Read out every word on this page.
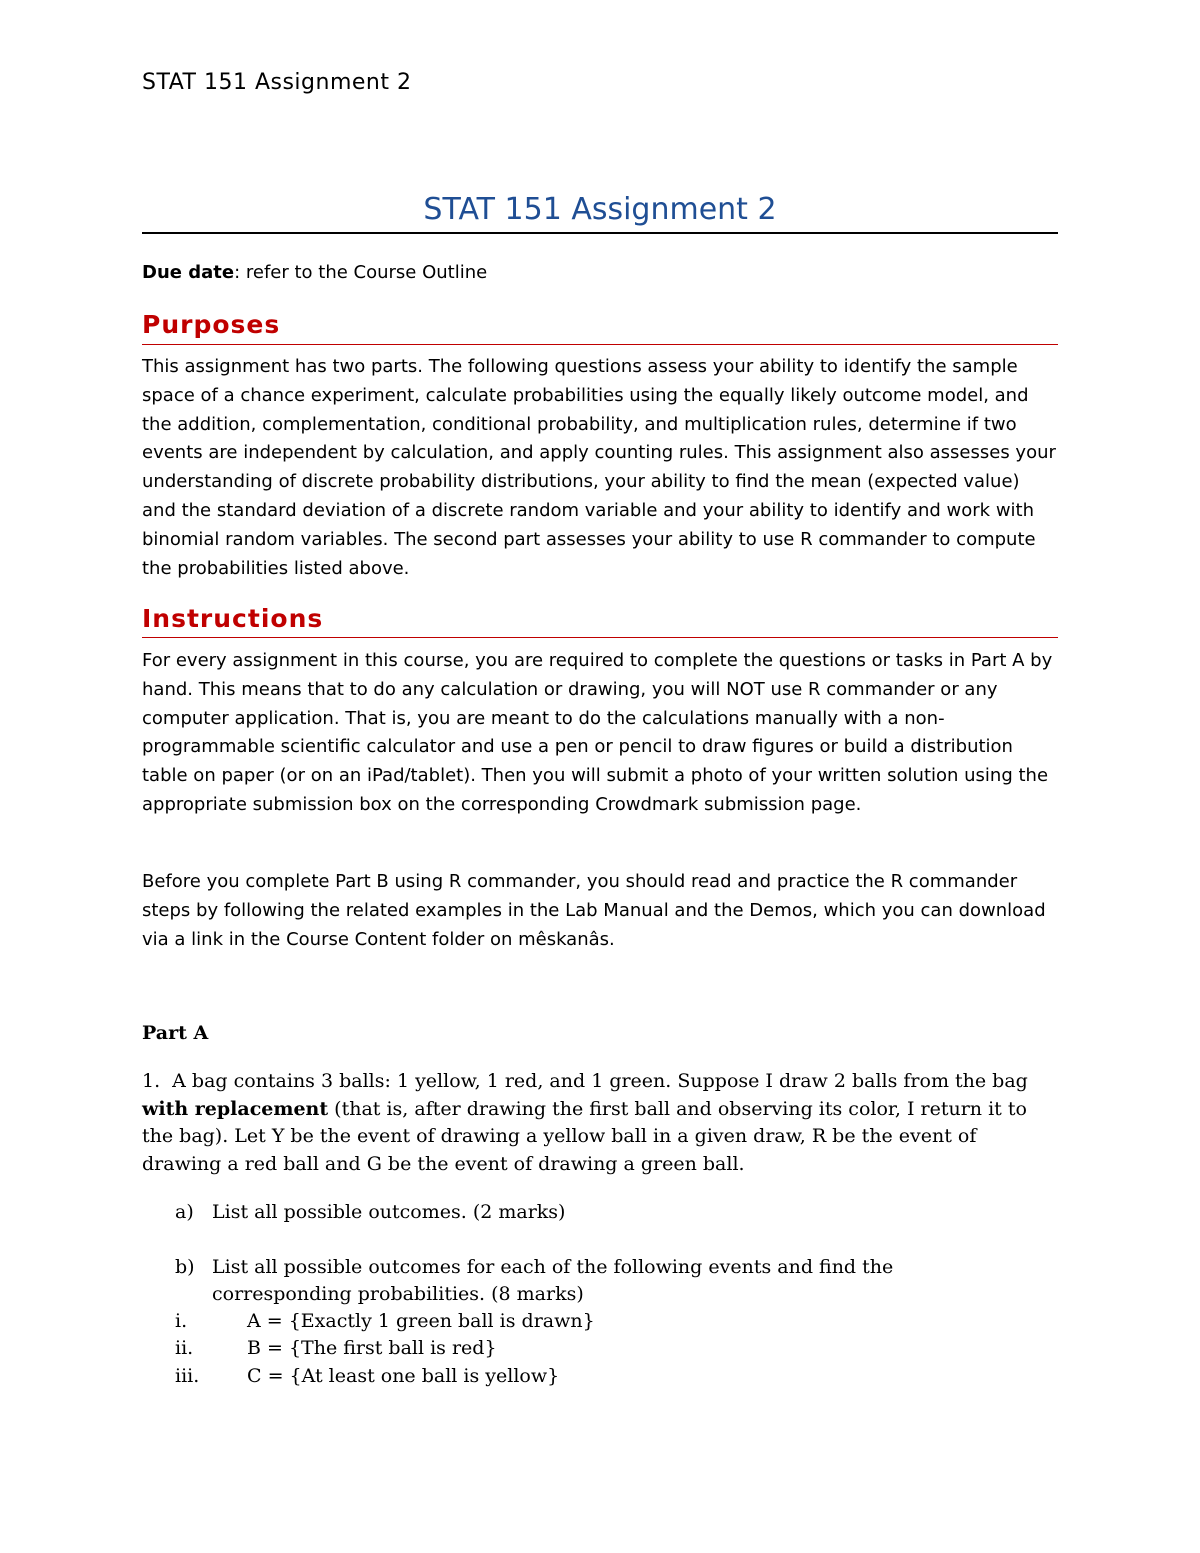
STAT 151 Assignment 2
STAT 151 Assignment 2
Due date: refer to the Course Outline
Purposes
This assignment has two parts. The following questions assess your ability to identify the sample space of a chance experiment, calculate probabilities using the equally likely outcome model, and the addition, complementation, conditional probability, and multiplication rules, determine if two events are independent by calculation, and apply counting rules. This assignment also assesses your understanding of discrete probability distributions, your ability to find the mean (expected value) and the standard deviation of a discrete random variable and your ability to identify and work with binomial random variables. The second part assesses your ability to use R commander to compute the probabilities listed above.
Instructions
For every assignment in this course, you are required to complete the questions or tasks in Part A by hand. This means that to do any calculation or drawing, you will NOT use R commander or any computer application. That is, you are meant to do the calculations manually with a non-programmable scientific calculator and use a pen or pencil to draw figures or build a distribution table on paper (or on an iPad/tablet). Then you will submit a photo of your written solution using the appropriate submission box on the corresponding Crowdmark submission page.
Before you complete Part B using R commander, you should read and practice the R commander steps by following the related examples in the Lab Manual and the Demos, which you can download via a link in the Course Content folder on mêskanâs.
Part A
1. A bag contains 3 balls: 1 yellow, 1 red, and 1 green. Suppose I draw 2 balls from the bag with replacement (that is, after drawing the first ball and observing its color, I return it to the bag). Let Y be the event of drawing a yellow ball in a given draw, R be the event of drawing a red ball and G be the event of drawing a green ball.
a) List all possible outcomes. (2 marks)
b) List all possible outcomes for each of the following events and find the corresponding probabilities. (8 marks)
i.	A = {Exactly 1 green ball is drawn}
ii.	B = {The first ball is red}
iii.	C = {At least one ball is yellow}
